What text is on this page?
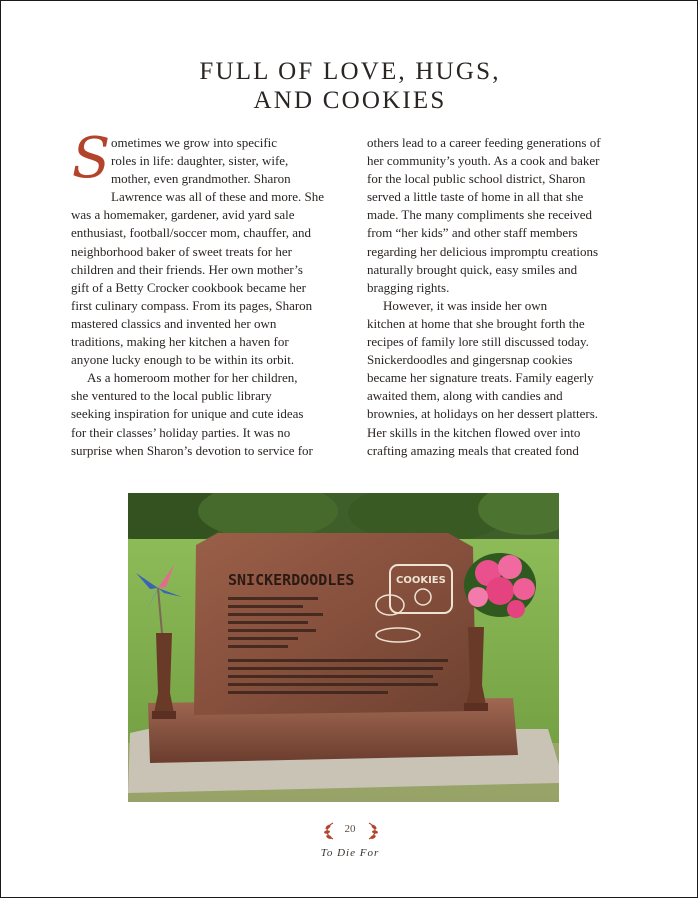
FULL OF LOVE, HUGS,
AND COOKIES

S ometimes we grow into specific
roles in life: daughter, sister, wife,
mother, even grandmother. Sharon
Lawrence was all of these and more. She
was a homemaker, gardener, avid yard sale
enthusiast, football/soccer mom, chauffer, and
neighborhood baker of sweet treats for her
children and their friends. Her own mother’s
gift of a Betty Crocker cookbook became her
first culinary compass. From its pages, Sharon
mastered classics and invented her own
traditions, making her kitchen a haven for
anyone lucky enough to be within its orbit.

As a homeroom mother for her children,
she ventured to the local public library
seeking inspiration for unique and cute ideas
for their classes’ holiday parties. It was no
surprise when Sharon’s devotion to service for

others lead to a career feeding generations of
her community’s youth. As a cook and baker
for the local public school district, Sharon
served a little taste of home in all that she
made. The many compliments she received
from “her kids” and other staff members
regarding her delicious impromptu creations
naturally brought quick, easy smiles and
bragging rights.

However, it was inside her own
kitchen at home that she brought forth the
recipes of family lore still discussed today.
Snickerdoodles and gingersnap cookies
became her signature treats. Family eagerly
awaited them, along with candies and
brownies, at holidays on her dessert platters.
Her skills in the kitchen flowed over into
crafting amazing meals that created fond

SNICKERDOODLES	COOKIES
20
To Die For
